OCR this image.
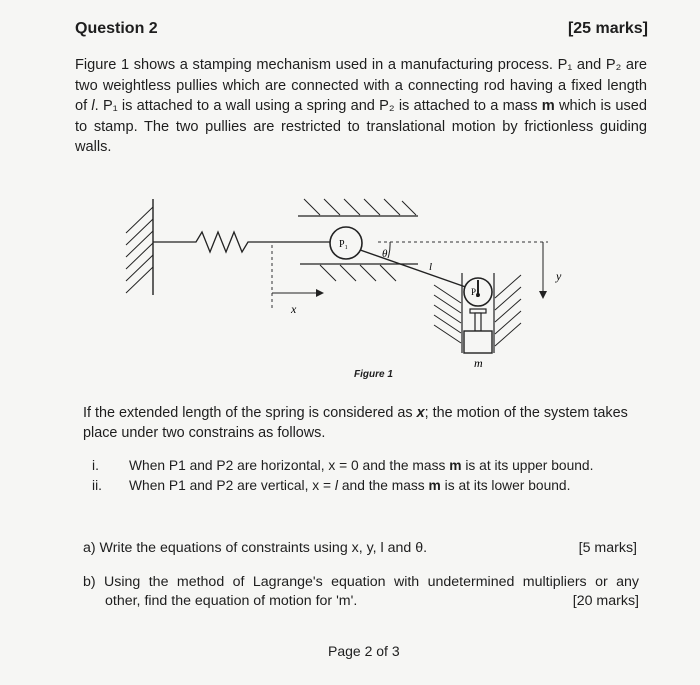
Question 2	[25 marks]
Figure 1 shows a stamping mechanism used in a manufacturing process. P₁ and P₂ are two weightless pullies which are connected with a connecting rod having a fixed length of l. P₁ is attached to a wall using a spring and P₂ is attached to a mass m which is used to stamp. The two pullies are restricted to translational motion by frictionless guiding walls.
P₁
θ
l
P₂
x
y
m
Figure 1
If the extended length of the spring is considered as x; the motion of the system takes place under two constrains as follows.
i.	When P1 and P2 are horizontal, x = 0 and the mass m is at its upper bound.
ii.	When P1 and P2 are vertical, x = l and the mass m is at its lower bound.
a) Write the equations of constraints using x, y, l and θ.	[5 marks]
b) Using the method of Lagrange's equation with undetermined multipliers or any
other, find the equation of motion for 'm'.	[20 marks]
Page 2 of 3
